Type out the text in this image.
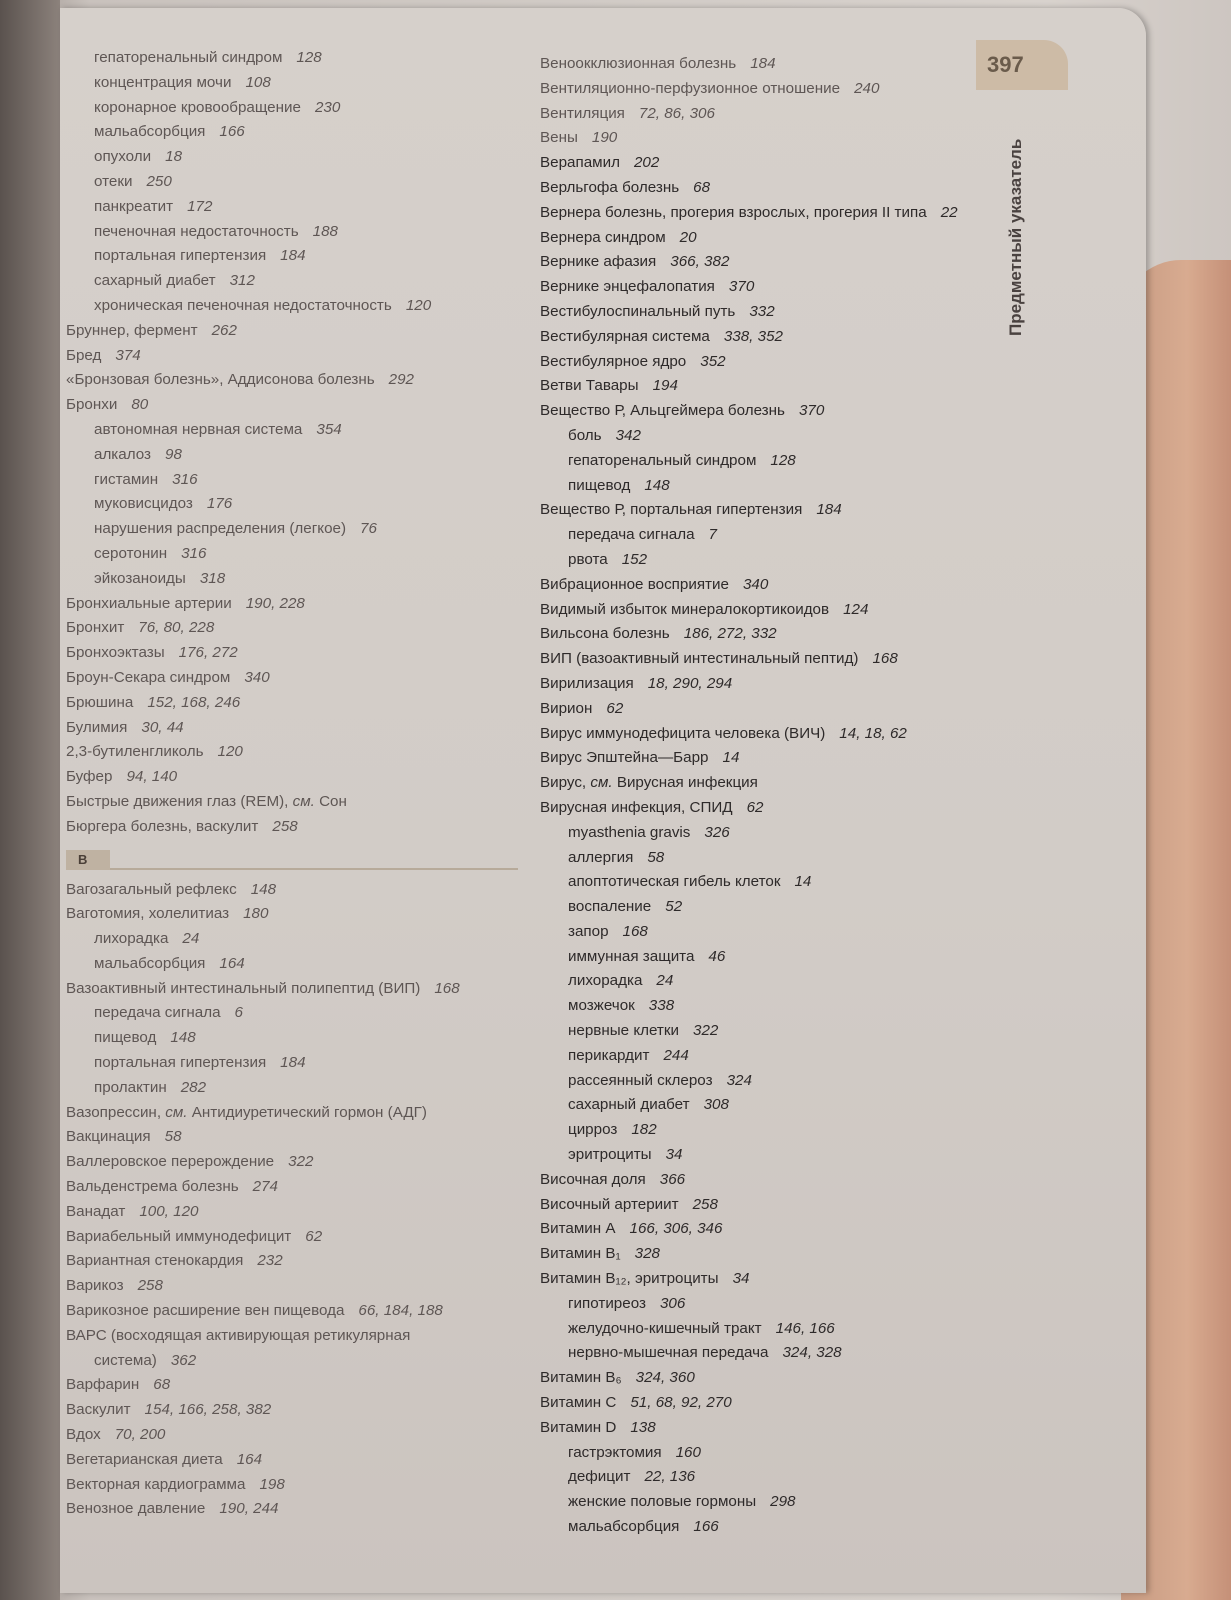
397
Предметный указатель
гепаторенальный синдром 128
концентрация мочи 108
коронарное кровообращение 230
мальабсорбция 166
опухоли 18
отеки 250
панкреатит 172
печеночная недостаточность 188
портальная гипертензия 184
сахарный диабет 312
хроническая печеночная недостаточность 120
Бруннер, фермент 262
Бред 374
«Бронзовая болезнь», Аддисонова болезнь 292
Бронхи 80
автономная нервная система 354
алкалоз 98
гистамин 316
муковисцидоз 176
нарушения распределения (легкое) 76
серотонин 316
эйкозаноиды 318
Бронхиальные артерии 190, 228
Бронхит 76, 80, 228
Бронхоэктазы 176, 272
Броун-Секара синдром 340
Брюшина 152, 168, 246
Булимия 30, 44
2,3-бутиленгликоль 120
Буфер 94, 140
Быстрые движения глаз (REM), см. Сон
Бюргера болезнь, васкулит 258
В
Вагозагальный рефлекс 148
Ваготомия, холелитиаз 180
лихорадка 24
мальабсорбция 164
Вазоактивный интестинальный полипептид (ВИП) 168
передача сигнала 6
пищевод 148
портальная гипертензия 184
пролактин 282
Вазопрессин, см. Антидиуретический гормон (АДГ)
Вакцинация 58
Валлеровское перерождение 322
Вальденстрема болезнь 274
Ванадат 100, 120
Вариабельный иммунодефицит 62
Вариантная стенокардия 232
Варикоз 258
Варикозное расширение вен пищевода 66, 184, 188
ВАРС (восходящая активирующая ретикулярная
система) 362
Варфарин 68
Васкулит 154, 166, 258, 382
Вдох 70, 200
Вегетарианская диета 164
Векторная кардиограмма 198
Венозное давление 190, 244
Веноокклюзионная болезнь 184
Вентиляционно-перфузионное отношение 240
Вентиляция 72, 86, 306
Вены 190
Верапамил 202
Верльгофа болезнь 68
Вернера болезнь, прогерия взрослых, прогерия II типа 22
Вернера синдром 20
Вернике афазия 366, 382
Вернике энцефалопатия 370
Вестибулоспинальный путь 332
Вестибулярная система 338, 352
Вестибулярное ядро 352
Ветви Тавары 194
Вещество Р, Альцгеймера болезнь 370
боль 342
гепаторенальный синдром 128
пищевод 148
Вещество Р, портальная гипертензия 184
передача сигнала 7
рвота 152
Вибрационное восприятие 340
Видимый избыток минералокортикоидов 124
Вильсона болезнь 186, 272, 332
ВИП (вазоактивный интестинальный пептид) 168
Вирилизация 18, 290, 294
Вирион 62
Вирус иммунодефицита человека (ВИЧ) 14, 18, 62
Вирус Эпштейна—Барр 14
Вирус, см. Вирусная инфекция
Вирусная инфекция, СПИД 62
myasthenia gravis 326
аллергия 58
апоптотическая гибель клеток 14
воспаление 52
запор 168
иммунная защита 46
лихорадка 24
мозжечок 338
нервные клетки 322
перикардит 244
рассеянный склероз 324
сахарный диабет 308
цирроз 182
эритроциты 34
Височная доля 366
Височный артериит 258
Витамин А 166, 306, 346
Витамин B₁ 328
Витамин B₁₂, эритроциты 34
гипотиреоз 306
желудочно-кишечный тракт 146, 166
нервно-мышечная передача 324, 328
Витамин B₆ 324, 360
Витамин C 51, 68, 92, 270
Витамин D 138
гастрэктомия 160
дефицит 22, 136
женские половые гормоны 298
мальабсорбция 166
